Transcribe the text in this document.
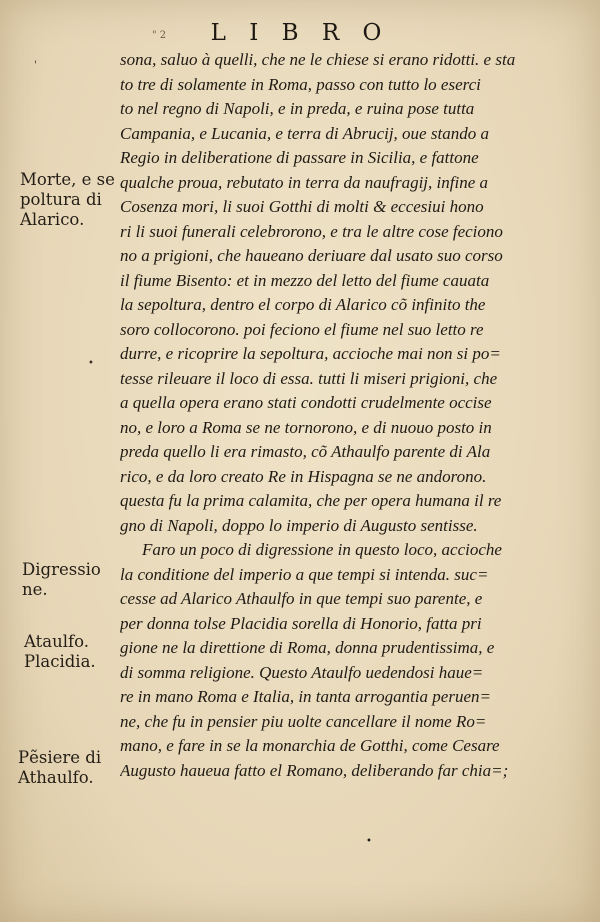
" 2 L I B R O
'
•
Morte, e se
poltura di
Alarico.
Digressio
ne.
Ataulfo.
Placidia.
Pẽsiere di
Athaulfo.
sona, saluo à quelli, che ne le chiese si erano ridotti. e sta
to tre di solamente in Roma, passo con tutto lo eserci
to nel regno di Napoli, e in preda, e ruina pose tutta
Campania, e Lucania, e terra di Abrucij, oue stando a
Regio in deliberatione di passare in Sicilia, e fattone
qualche proua, rebutato in terra da naufragij, infine a
Cosenza mori, li suoi Gotthi di molti & eccesiui hono
ri li suoi funerali celebrorono, e tra le altre cose feciono
no a prigioni, che haueano deriuare dal usato suo corso
il fiume Bisento: et in mezzo del letto del fiume cauata
la sepoltura, dentro el corpo di Alarico cõ infinito the
soro collocorono. poi feciono el fiume nel suo letto re
durre, e ricoprire la sepoltura, accioche mai non si po=
tesse rileuare il loco di essa. tutti li miseri prigioni, che
a quella opera erano stati condotti crudelmente occise
no, e loro a Roma se ne tornorono, e di nuouo posto in
preda quello li era rimasto, cõ Athaulfo parente di Ala
rico, e da loro creato Re in Hispagna se ne andorono.
questa fu la prima calamita, che per opera humana il re
gno di Napoli, doppo lo imperio di Augusto sentisse.
Faro un poco di digressione in questo loco, accioche
la conditione del imperio a que tempi si intenda. suc=
cesse ad Alarico Athaulfo in que tempi suo parente, e
per donna tolse Placidia sorella di Honorio, fatta pri
gione ne la direttione di Roma, donna prudentissima, e
di somma religione. Questo Ataulfo uedendosi haue=
re in mano Roma e Italia, in tanta arrogantia peruen=
ne, che fu in pensier piu uolte cancellare il nome Ro=
mano, e fare in se la monarchia de Gotthi, come Cesare
Augusto haueua fatto el Romano, deliberando far chia=;
•
